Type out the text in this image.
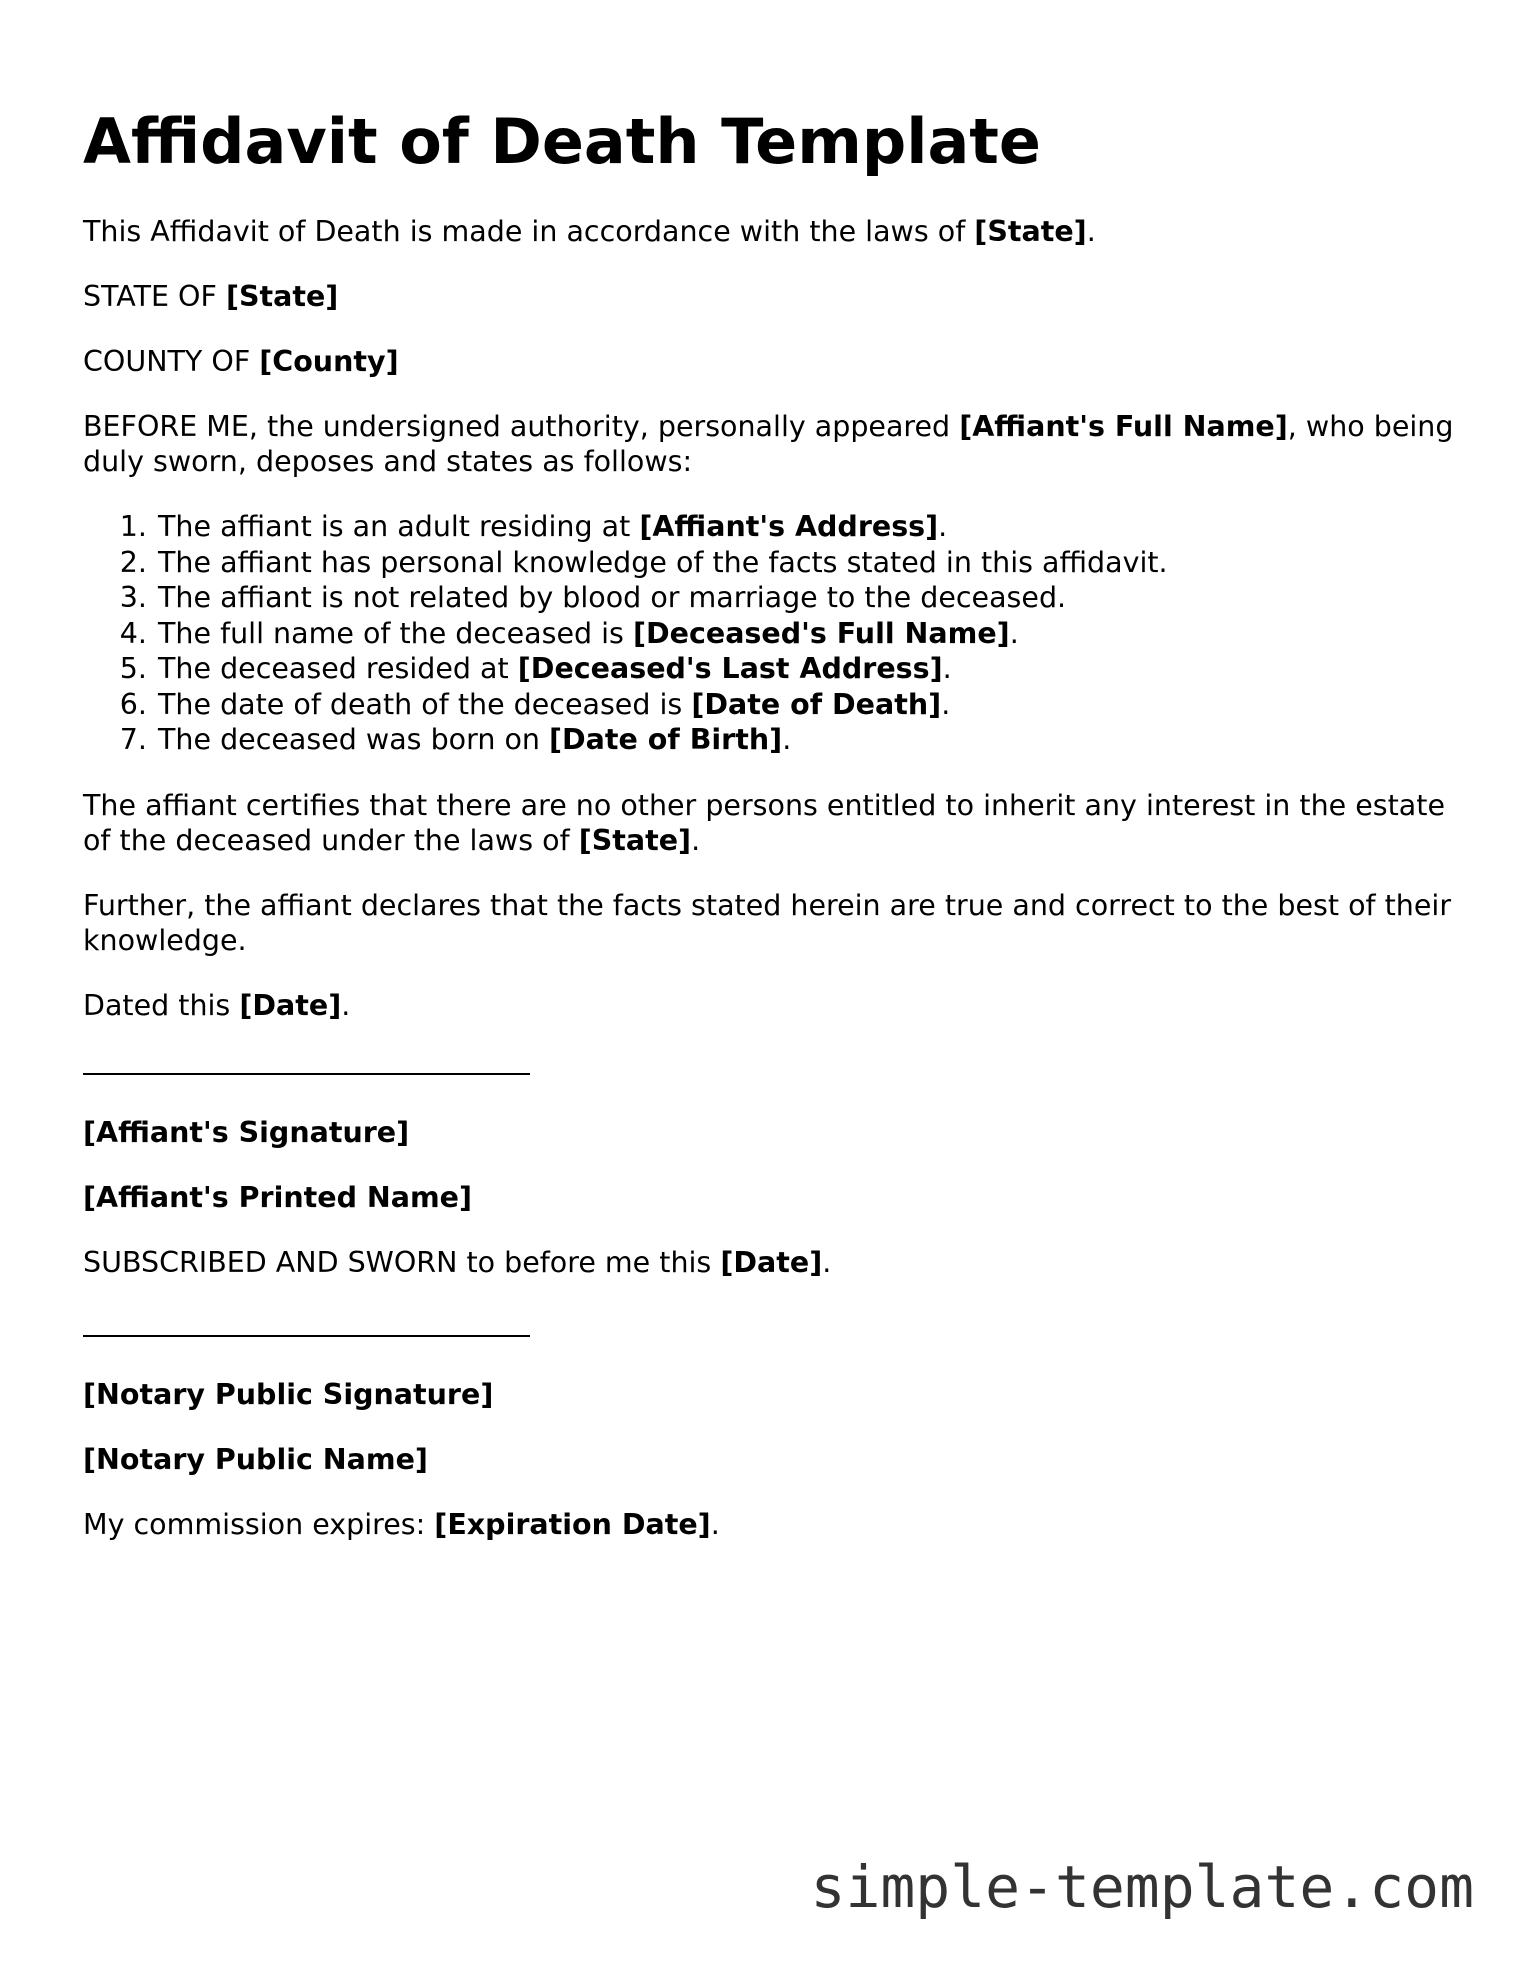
Affidavit of Death Template

This Affidavit of Death is made in accordance with the laws of [State].

STATE OF [State]

COUNTY OF [County]

BEFORE ME, the undersigned authority, personally appeared [Affiant's Full Name], who being duly sworn, deposes and states as follows:

1. The affiant is an adult residing at [Affiant's Address].
2. The affiant has personal knowledge of the facts stated in this affidavit.
3. The affiant is not related by blood or marriage to the deceased.
4. The full name of the deceased is [Deceased's Full Name].
5. The deceased resided at [Deceased's Last Address].
6. The date of death of the deceased is [Date of Death].
7. The deceased was born on [Date of Birth].

The affiant certifies that there are no other persons entitled to inherit any interest in the estate of the deceased under the laws of [State].

Further, the affiant declares that the facts stated herein are true and correct to the best of their knowledge.

Dated this [Date].

[Affiant's Signature]

[Affiant's Printed Name]

SUBSCRIBED AND SWORN to before me this [Date].

[Notary Public Signature]

[Notary Public Name]

My commission expires: [Expiration Date].

simple-template.com
